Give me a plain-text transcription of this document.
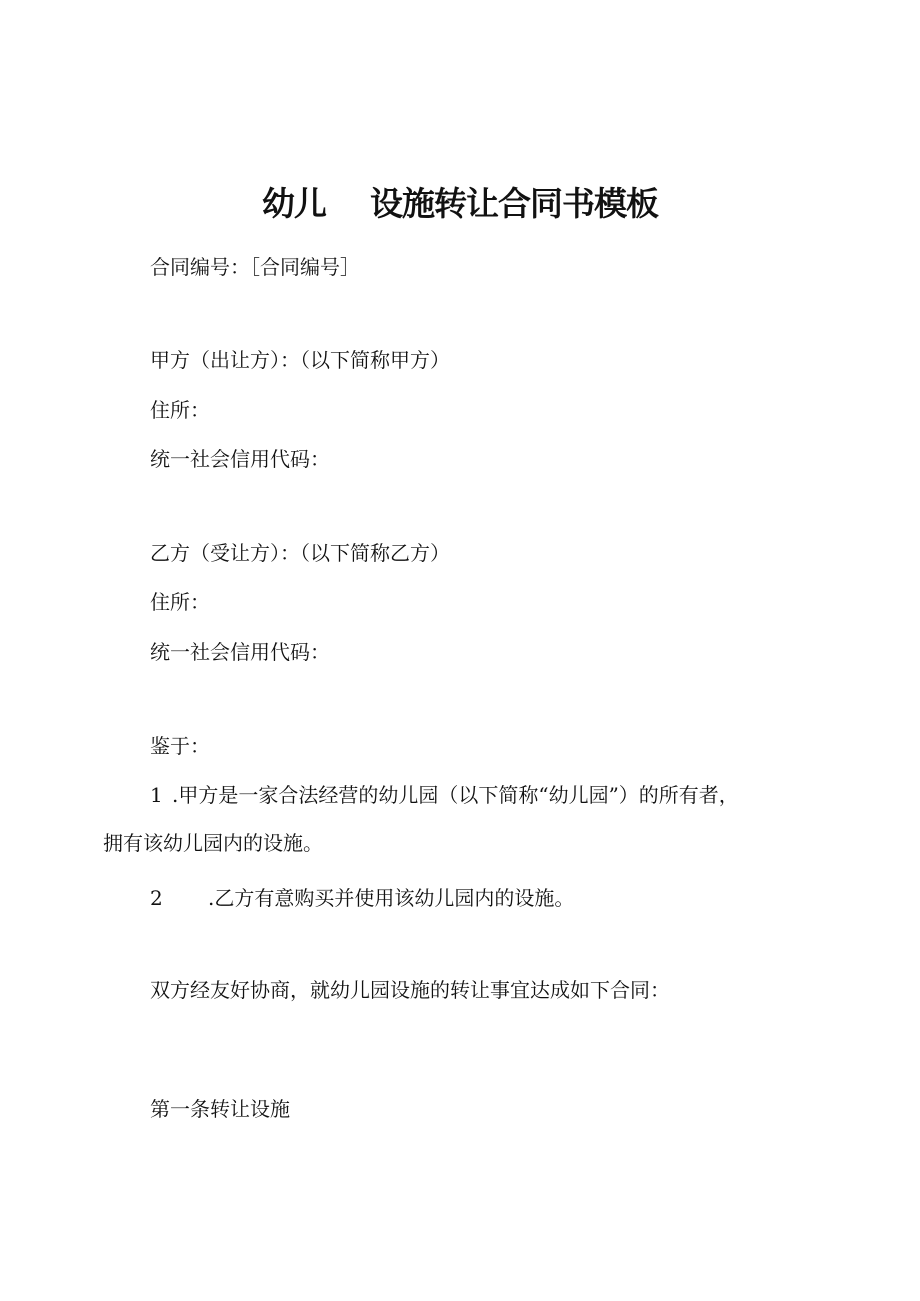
幼儿 设施转让合同书模板
合同编号：［合同编号］
甲方（出让方）：（以下简称甲方）
住所：
统一社会信用代码：
乙方（受让方）：（以下简称乙方）
住所：
统一社会信用代码：
鉴于：
1 .甲方是一家合法经营的幼儿园（以下简称“幼儿园”）的所有者，
拥有该幼儿园内的设施。
2 .乙方有意购买并使用该幼儿园内的设施。
双方经友好协商，就幼儿园设施的转让事宜达成如下合同：
第一条转让设施
